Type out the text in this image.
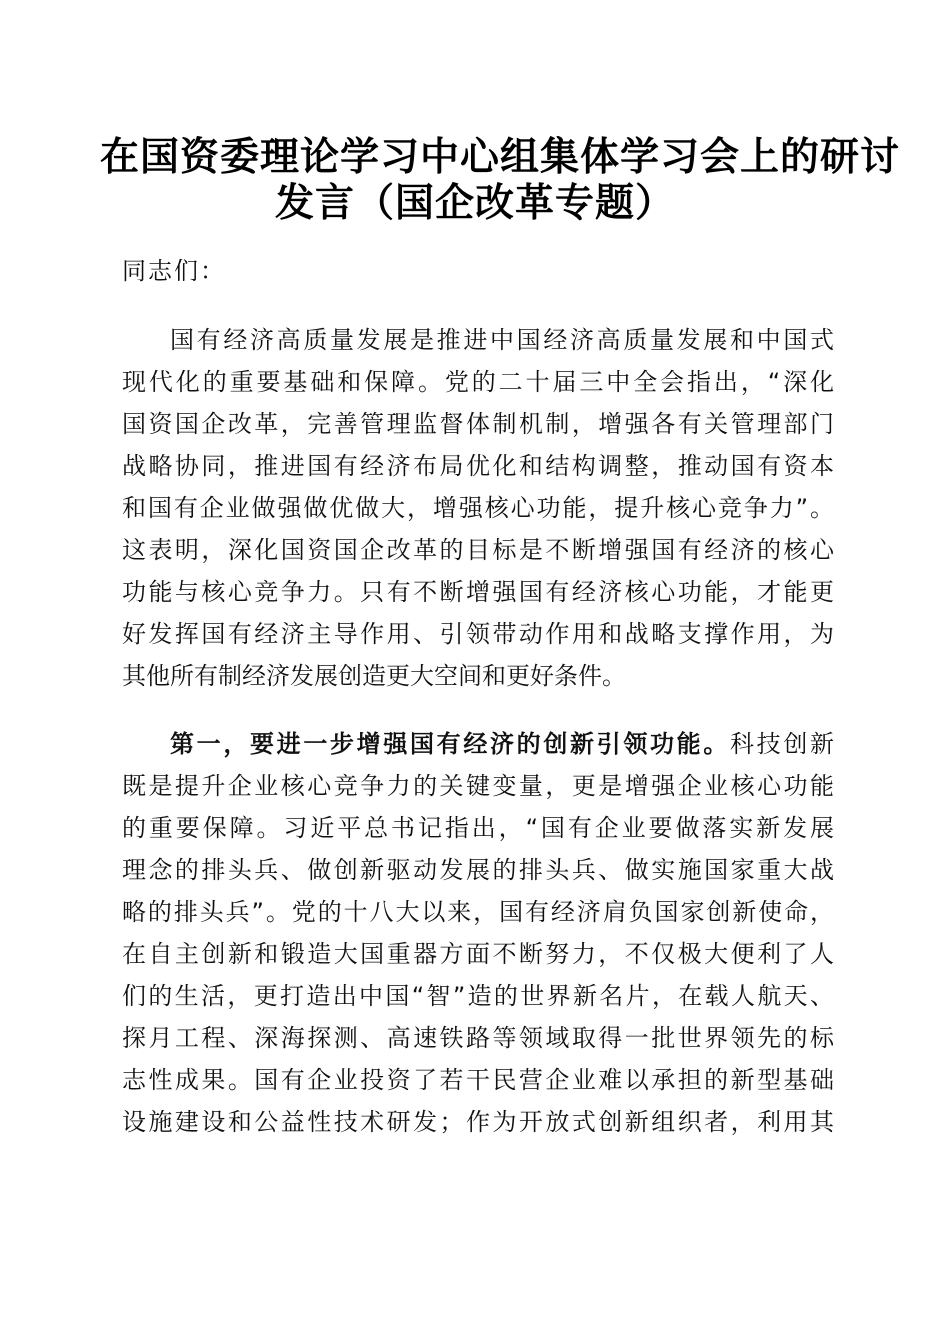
在国资委理论学习中心组集体学习会上的研讨
发言（国企改革专题）

同志们：

国有经济高质量发展是推进中国经济高质量发展和中国式
现代化的重要基础和保障。党的二十届三中全会指出，“深化
国资国企改革，完善管理监督体制机制，增强各有关管理部门
战略协同，推进国有经济布局优化和结构调整，推动国有资本
和国有企业做强做优做大，增强核心功能，提升核心竞争力”。
这表明，深化国资国企改革的目标是不断增强国有经济的核心
功能与核心竞争力。只有不断增强国有经济核心功能，才能更
好发挥国有经济主导作用、引领带动作用和战略支撑作用，为
其他所有制经济发展创造更大空间和更好条件。
第一，要进一步增强国有经济的创新引领功能。科技创新
既是提升企业核心竞争力的关键变量，更是增强企业核心功能
的重要保障。习近平总书记指出，“国有企业要做落实新发展
理念的排头兵、做创新驱动发展的排头兵、做实施国家重大战
略的排头兵”。党的十八大以来，国有经济肩负国家创新使命，
在自主创新和锻造大国重器方面不断努力，不仅极大便利了人
们的生活，更打造出中国“智”造的世界新名片，在载人航天、
探月工程、深海探测、高速铁路等领域取得一批世界领先的标
志性成果。国有企业投资了若干民营企业难以承担的新型基础
设施建设和公益性技术研发；作为开放式创新组织者，利用其
